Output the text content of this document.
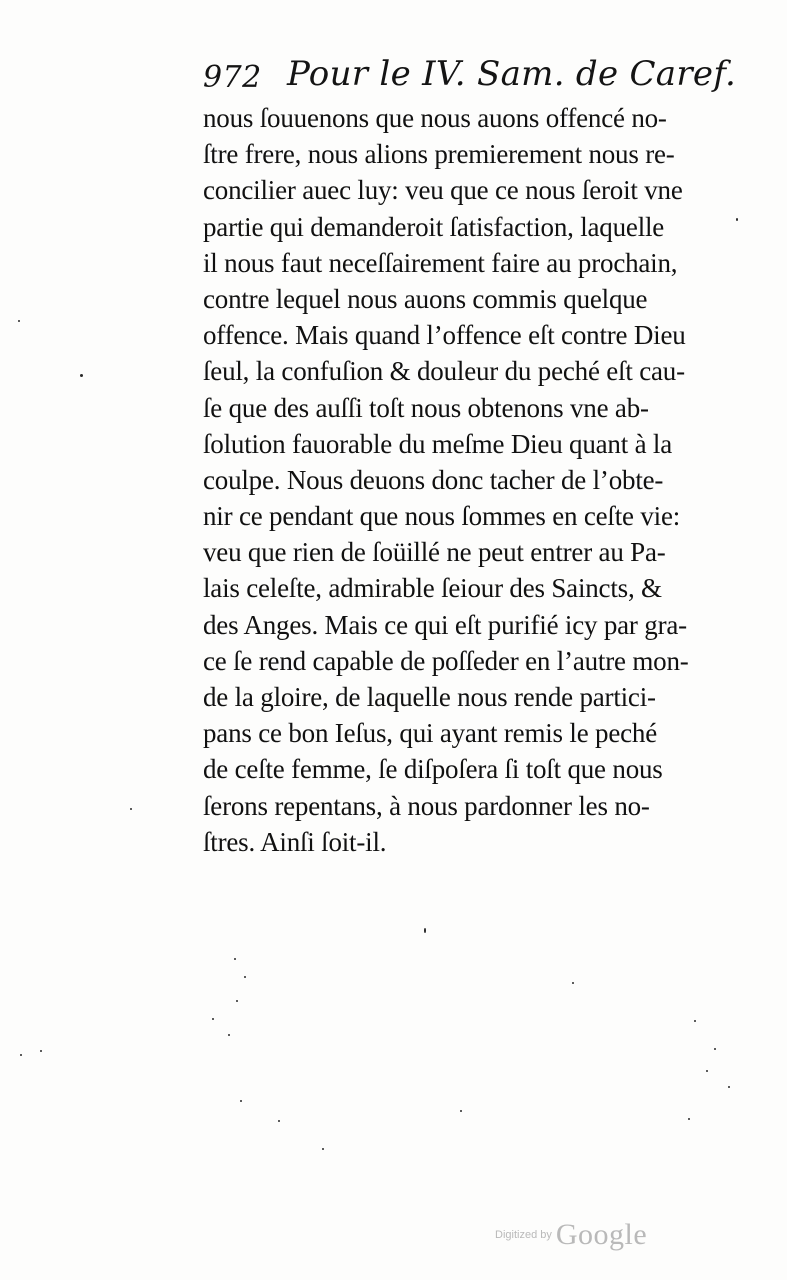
972 Pour le IV. Sam. de Caref.
nous ſouuenons que nous auons offencé no-
ſtre frere, nous alions premierement nous re-
concilier auec luy: veu que ce nous ſeroit vne
partie qui demanderoit ſatisfaction, laquelle
il nous faut neceſſairement faire au prochain,
contre lequel nous auons commis quelque
offence. Mais quand l’offence eſt contre Dieu
ſeul, la confuſion & douleur du peché eſt cau-
ſe que des auſſi toſt nous obtenons vne ab-
ſolution fauorable du meſme Dieu quant à la
coulpe. Nous deuons donc tacher de l’obte-
nir ce pendant que nous ſommes en ceſte vie:
veu que rien de ſoüillé ne peut entrer au Pa-
lais celeſte, admirable ſeiour des Saincts, &
des Anges. Mais ce qui eſt purifié icy par gra-
ce ſe rend capable de poſſeder en l’autre mon-
de la gloire, de laquelle nous rende partici-
pans ce bon Ieſus, qui ayant remis le peché
de ceſte femme, ſe diſpoſera ſi toſt que nous
ſerons repentans, à nous pardonner les no-
ſtres. Ainſi ſoit-il.
Digitized by Google
